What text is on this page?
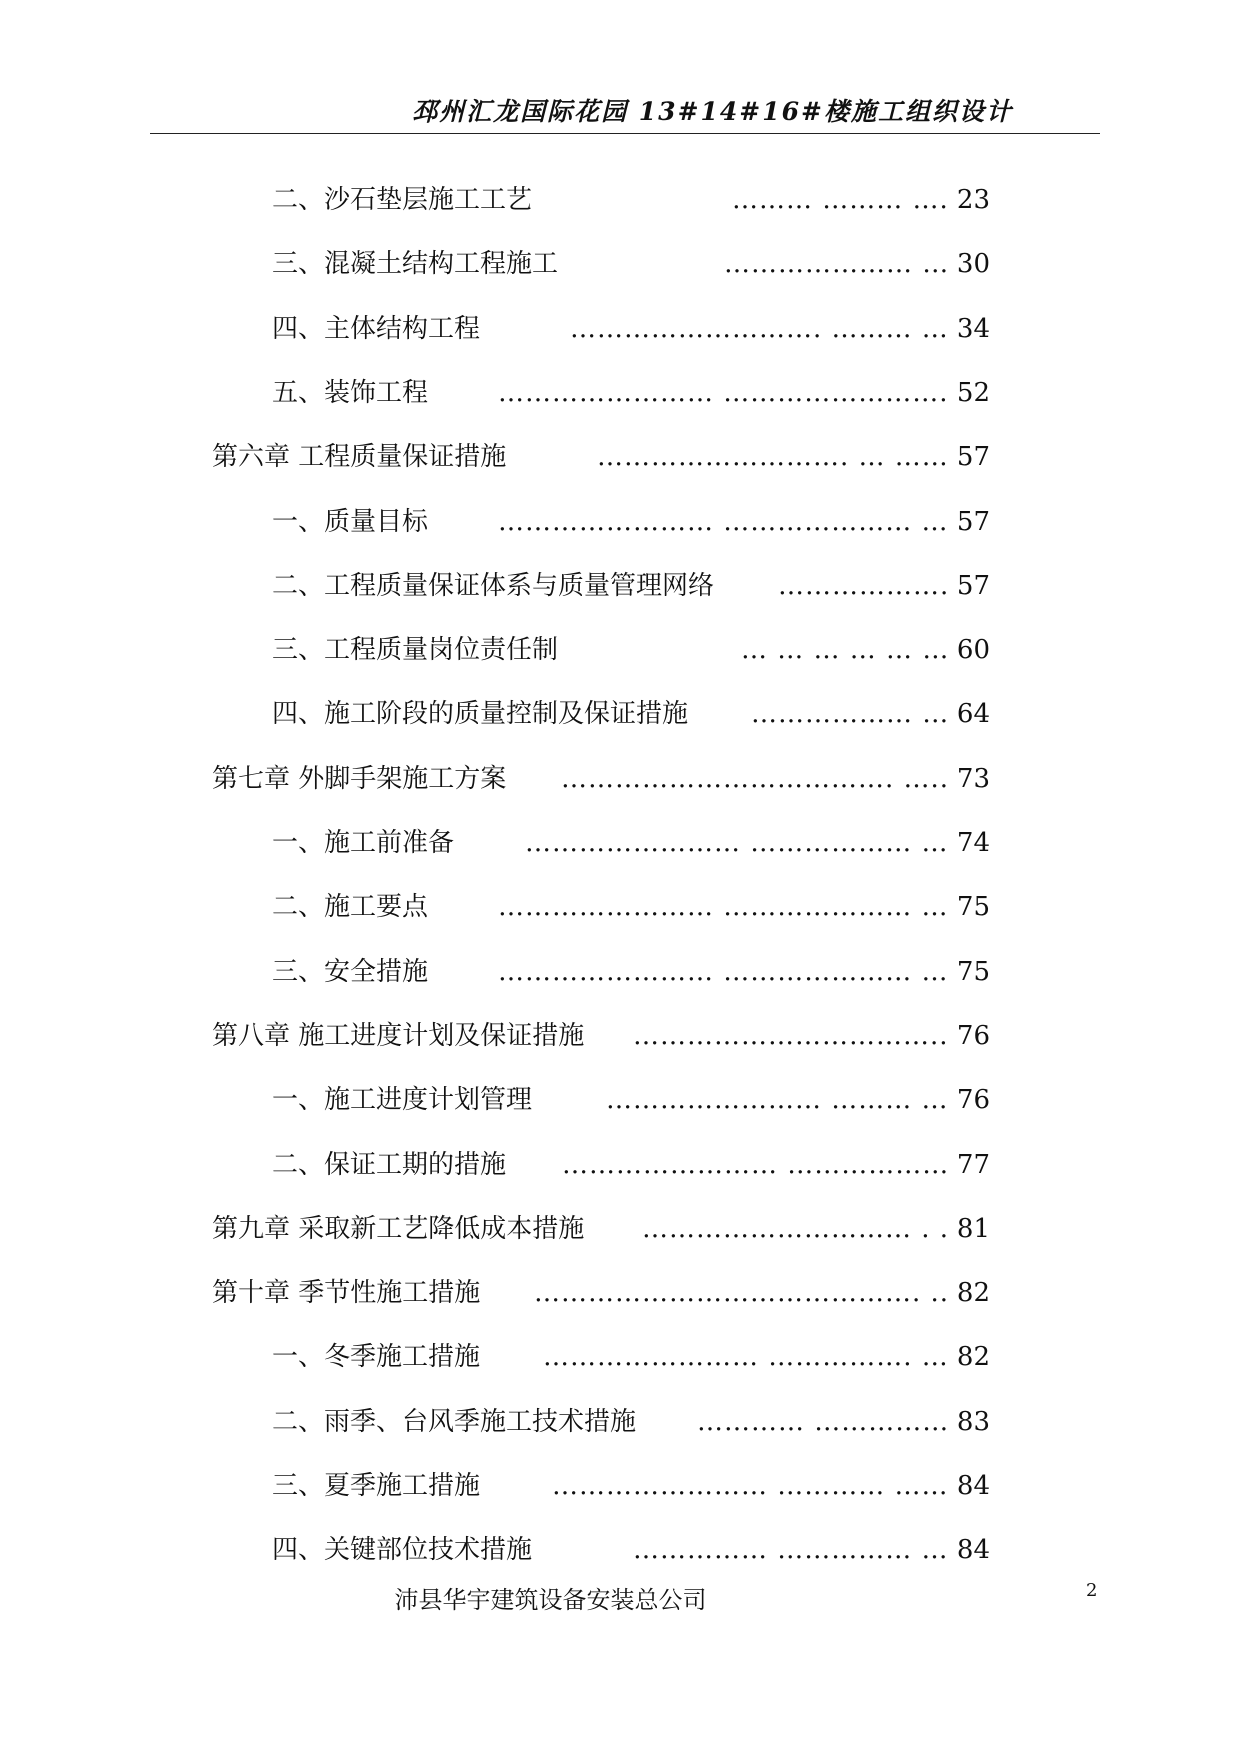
邳州汇龙国际花园 13#14#16#楼施工组织设计
二、沙石垫层施工工艺	23
……… ……… ….
三、混凝土结构工程施工	30
………………… …
四、主体结构工程	34
………………………. ……… …
五、装饰工程	52
…………………… …………………….
第六章 工程质量保证措施	57
………………………. … ……
一、质量目标	57
…………………… ………………… …
二、工程质量保证体系与质量管理网络	57
……………….
三、工程质量岗位责任制	60
… … … … … …
四、施工阶段的质量控制及保证措施	64
……………… …
第七章 外脚手架施工方案	73
………………………………. …..
一、施工前准备	74
…………………… ……………… …
二、施工要点	75
…………………… ………………… …
三、安全措施	75
…………………… ………………… …
第八章 施工进度计划及保证措施	76
……………………………..
一、施工进度计划管理	76
…………………… ……… …
二、保证工期的措施	77
…………………… ………………
第九章 采取新工艺降低成本措施	81
………………………… . .
第十章 季节性施工措施	82
……………………………………. ..
一、冬季施工措施	82
…………………… ……………. …
二、雨季、台风季施工技术措施	83
………… ……………
三、夏季施工措施	84
…………………… ………… ……
四、关键部位技术措施	84
…………… …………… …
沛县华宇建筑设备安装总公司	2
